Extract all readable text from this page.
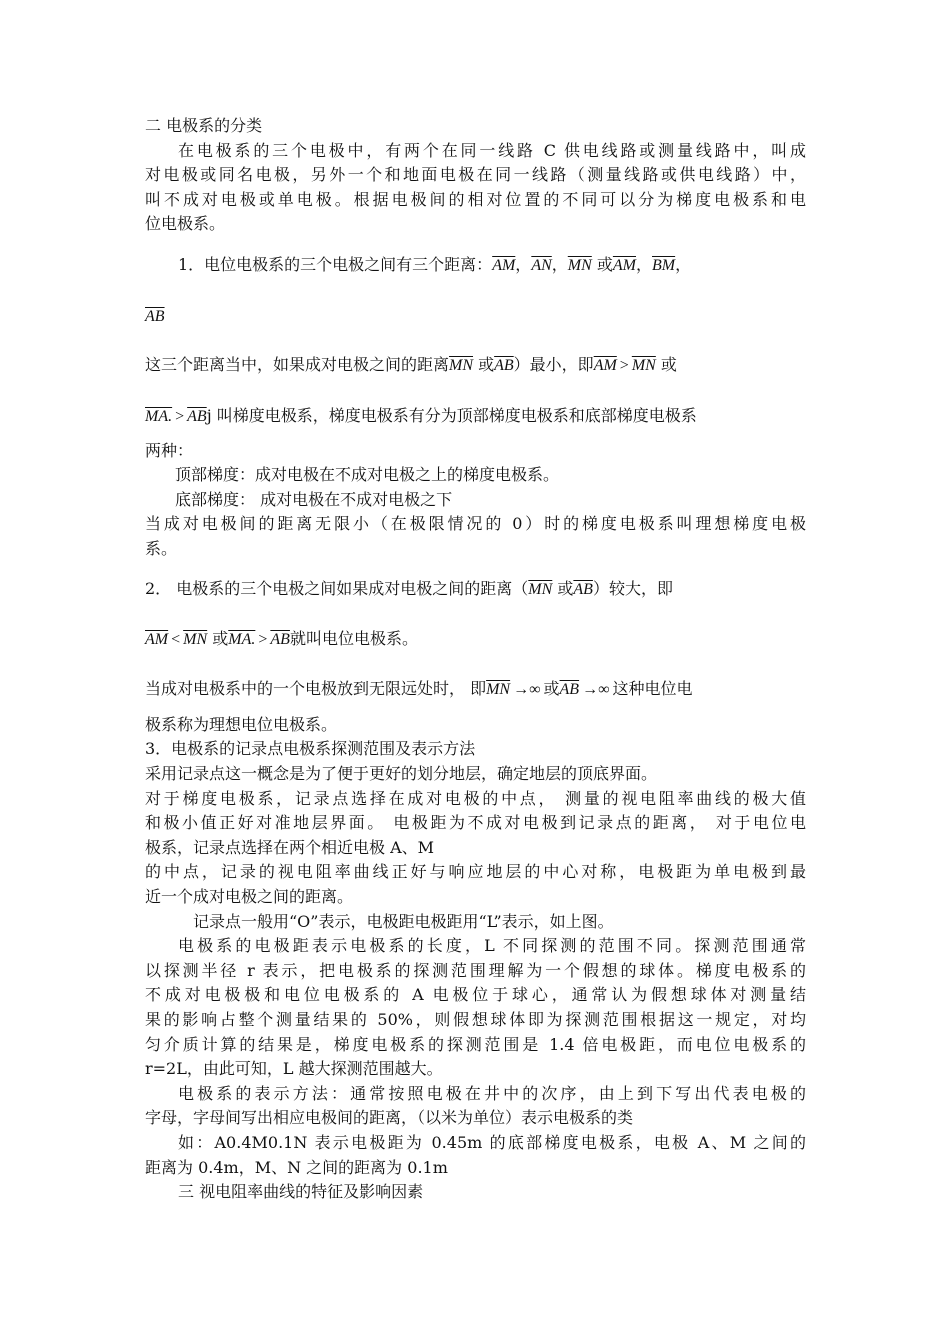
二 电极系的分类
在电极系的三个电极中，有两个在同一线路 C 供电线路或测量线路中，叫成
对电极或同名电极，另外一个和地面电极在同一线路（测量线路或供电线路）中，
叫不成对电极或单电极。根据电极间的相对位置的不同可以分为梯度电极系和电
位电极系。
1．电位电极系的三个电极之间有三个距离：$\overline{AM}$，$\overline{AN}$，$\overline{MN}$ 或$\overline{AM}$，$\overline{BM}$，
$\overline{AB}$
这三个距离当中，如果成对电极之间的距离$\overline{MN}$ 或$\overline{AB}$）最小，即$\overline{AM} > \overline{MN}$ 或
MA. > $\overline{AB}j$ 叫梯度电极系，梯度电极系有分为顶部梯度电极系和底部梯度电极系
两种：
顶部梯度：成对电极在不成对电极之上的梯度电极系。
底部梯度： 成对电极在不成对电极之下
当成对电极间的距离无限小（在极限情况的 0）时的梯度电极系叫理想梯度电极
系。
2． 电极系的三个电极之间如果成对电极之间的距离（$\overline{MN}$ 或$\overline{AB}$）较大，即
$\overline{AM} < \overline{MN}$ 或MA. > $\overline{AB}$就叫电位电极系。
当成对电极系中的一个电极放到无限远处时， 即$\overline{MN}$ →∞ 或$\overline{AB}$ →∞ 这种电位电
极系称为理想电位电极系。
3．电极系的记录点电极系探测范围及表示方法
采用记录点这一概念是为了便于更好的划分地层，确定地层的顶底界面。
对于梯度电极系，记录点选择在成对电极的中点， 测量的视电阻率曲线的极大值
和极小值正好对准地层界面。 电极距为不成对电极到记录点的距离， 对于电位电
极系，记录点选择在两个相近电极 A、M
的中点，记录的视电阻率曲线正好与响应地层的中心对称，电极距为单电极到最
近一个成对电极之间的距离。
记录点一般用“O”表示，电极距电极距用“L”表示，如上图。
电极系的电极距表示电极系的长度，L 不同探测的范围不同。探测范围通常
以探测半径 r 表示，把电极系的探测范围理解为一个假想的球体。梯度电极系的
不成对电极极和电位电极系的 A 电极位于球心，通常认为假想球体对测量结
果的影响占整个测量结果的 50%，则假想球体即为探测范围根据这一规定，对均
匀介质计算的结果是，梯度电极系的探测范围是 1.4 倍电极距，而电位电极系的
r=2L，由此可知，L 越大探测范围越大。
电极系的表示方法：通常按照电极在井中的次序，由上到下写出代表电极的
字母，字母间写出相应电极间的距离，（以米为单位）表示电极系的类
如：A0.4M0.1N 表示电极距为 0.45m 的底部梯度电极系，电极 A、M 之间的
距离为 0.4m，M、N 之间的距离为 0.1m
三 视电阻率曲线的特征及影响因素
